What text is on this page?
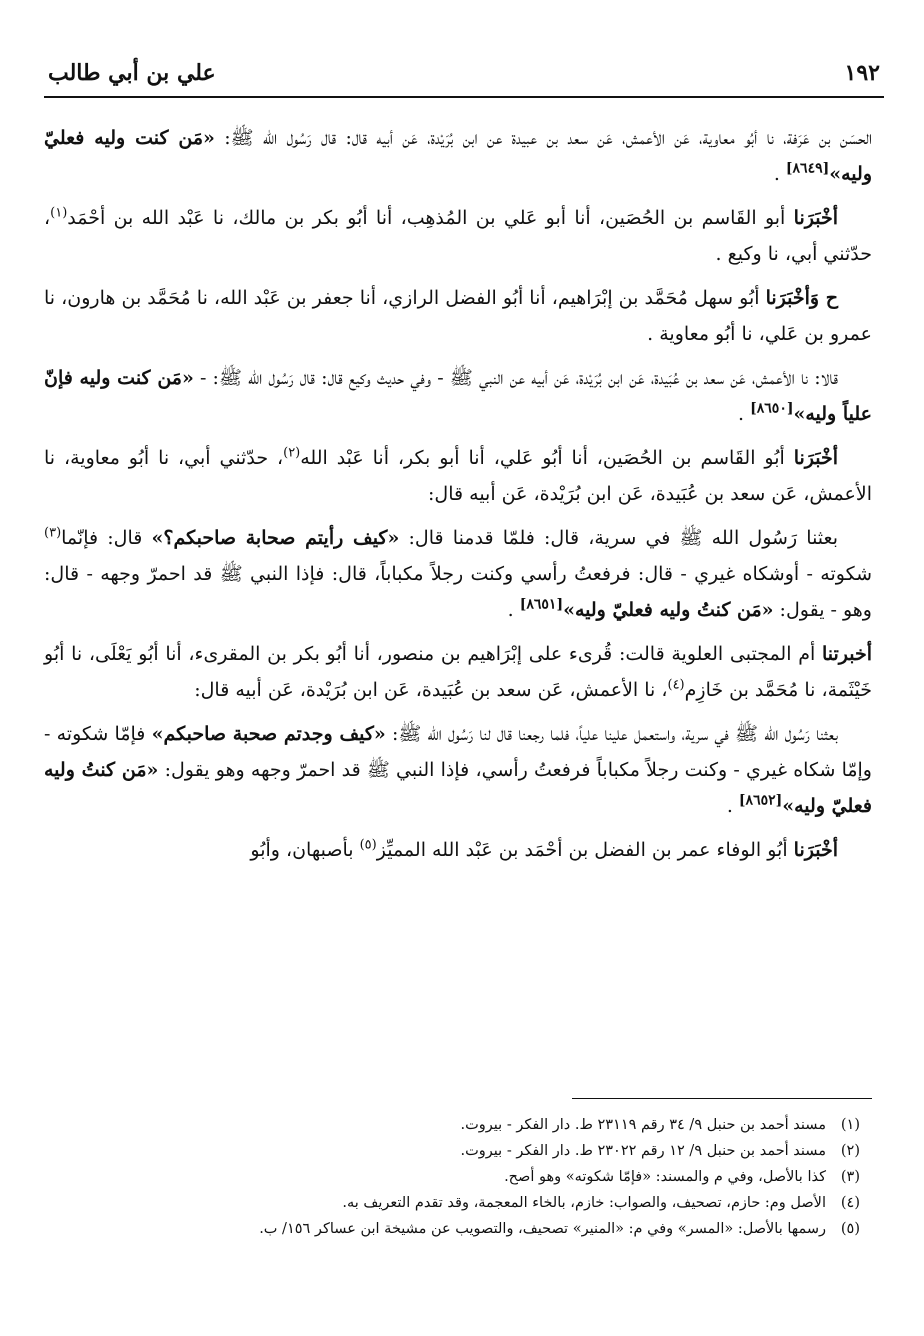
١٩٢
علي بن أبي طالب

الحسَن بن عَرَفة، نا أبُو معاوية، عَن الأعمش، عَن سعد بن عبيدة عن ابن بُرَيْدة، عَن أبيه قال: قال رَسُول الله ﷺ: «مَن كنت وليه فعليّ وليه»[٨٦٤٩] .

أخْبَرَنا أبو القَاسم بن الحُصَين، أنا أبو عَلي بن المُذهِب، أنا أبُو بكر بن مالك، نا عَبْد الله بن أحْمَد$^{(١)}$، حدّثني أبي، نا وكيع .

ح وَأخْبَرَنا أبُو سهل مُحَمَّد بن إبْرَاهيم، أنا أبُو الفضل الرازي، أنا جعفر بن عَبْد الله، نا مُحَمَّد بن هارون، نا عمرو بن عَلي، نا أبُو معاوية .

قالا: نا الأعمش، عَن سعد بن عُبَيدة، عَن ابن بُرَيْدة، عَن أبيه عن النبي ﷺ - وفي حديث وكيع قال: قال رَسُول الله ﷺ: - «مَن كنت وليه فإنّ علياً وليه»[٨٦٥٠] .

أخْبَرَنا أبُو القَاسم بن الحُصَين، أنا أبُو عَلي، أنا أبو بكر، أنا عَبْد الله$^{(٢)}$، حدّثني أبي، نا أبُو معاوية، نا الأعمش، عَن سعد بن عُبَيدة، عَن ابن بُرَيْدة، عَن أبيه قال:

بعثنا رَسُول الله ﷺ في سرية، قال: فلمّا قدمنا قال: «كيف رأيتم صحابة صاحبكم؟» قال: فإنّما$^{(٣)}$ شكوته - أوشكاه غيري - قال: فرفعتُ رأسي وكنت رجلاً مكباباً، قال: فإذا النبي ﷺ قد احمرّ وجهه - قال: وهو - يقول: «مَن كنتُ وليه فعليّ وليه»[٨٦٥١] .

أخبرتنا أم المجتبى العلوية قالت: قُرىء على إبْرَاهيم بن منصور، أنا أبُو بكر بن المقرىء، أنا أبُو يَعْلَى، نا أبُو خَيْثَمة، نا مُحَمَّد بن خَازِم$^{(٤)}$، نا الأعمش، عَن سعد بن عُبَيدة، عَن ابن بُرَيْدة، عَن أبيه قال:

بعثنا رَسُول الله ﷺ في سرية، واستعمل علينا علياً، فلما رجعنا قال لنا رَسُول الله ﷺ: «كيف وجدتم صحبة صاحبكم» فإمّا شكوته - وإمّا شكاه غيري - وكنت رجلاً مكباباً فرفعتُ رأسي، فإذا النبي ﷺ قد احمرّ وجهه وهو يقول: «مَن كنتُ وليه فعليّ وليه»[٨٦٥٢] .

أخْبَرَنا أبُو الوفاء عمر بن الفضل بن أحْمَد بن عَبْد الله المميِّز$^{(٥)}$ بأصبهان، وأبُو

(١)مسند أحمد بن حنبل ٩/ ٣٤ رقم ٢٣١١٩ ط. دار الفكر - بيروت.
(٢)مسند أحمد بن حنبل ٩/ ١٢ رقم ٢٣٠٢٢ ط. دار الفكر - بيروت.
(٣)كذا بالأصل، وفي م والمسند: «فإمّا شكوته» وهو أصح.
(٤)الأصل وم: حازم، تصحيف، والصواب: خازم، بالخاء المعجمة، وقد تقدم التعريف به.
(٥)رسمها بالأصل: «المسر» وفي م: «المنير» تصحيف، والتصويب عن مشيخة ابن عساكر ١٥٦/ ب.
